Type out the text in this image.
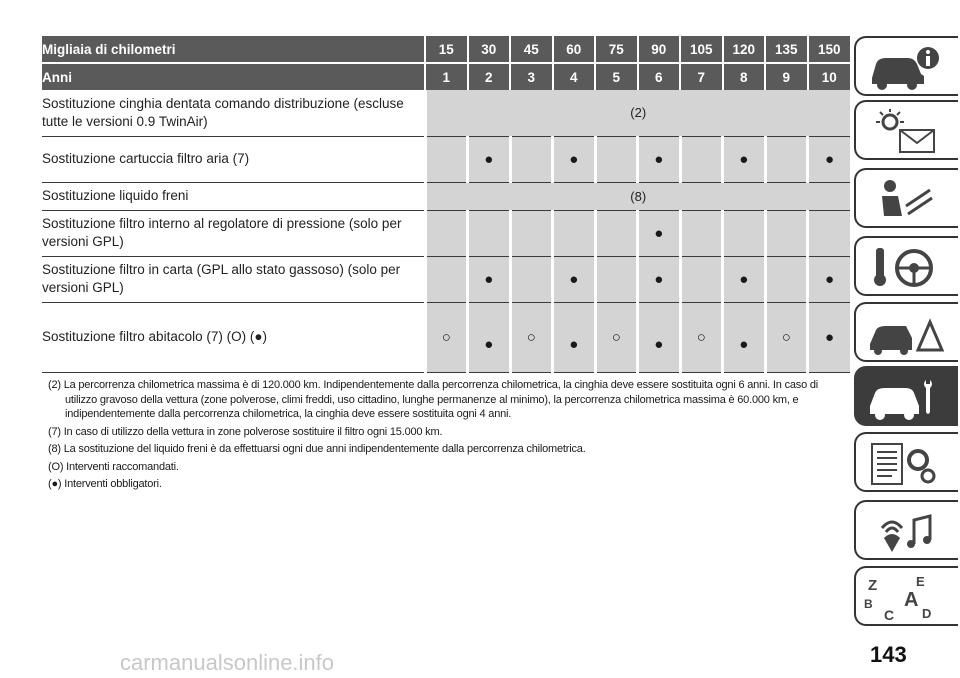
Migliaia di chilometri	15	30	45	60	75	90	105	120	135	150
Anni	1	2	3	4	5	6	7	8	9	10
Sostituzione cinghia dentata comando distribuzione (escluse tutte le versioni 0.9 TwinAir)	(2)									
Sostituzione cartuccia filtro aria (7)		●		●		●		●		●
Sostituzione liquido freni	(8)									
Sostituzione filtro interno al regolatore di pressione (solo per versioni GPL)						●				
Sostituzione filtro in carta (GPL allo stato gassoso) (solo per versioni GPL)		●		●		●		●		●
Sostituzione filtro abitacolo (7) (O) (●)	○	●	○	●	○	●	○	●	○	●

(2) La percorrenza chilometrica massima è di 120.000 km. Indipendentemente dalla percorrenza chilometrica, la cinghia deve essere sostituita ogni 6 anni. In caso di utilizzo gravoso della vettura (zone polverose, climi freddi, uso cittadino, lunghe permanenze al minimo), la percorrenza chilometrica massima è 60.000 km, e indipendentemente dalla percorrenza chilometrica, la cinghia deve essere sostituita ogni 4 anni.

(7) In caso di utilizzo della vettura in zone polverose sostituire il filtro ogni 15.000 km.

(8) La sostituzione del liquido freni è da effettuarsi ogni due anni indipendentemente dalla percorrenza chilometrica.

(O) Interventi raccomandati.

(●) Interventi obbligatori.

Z	E
B A
C D
143
carmanualsonline.info
